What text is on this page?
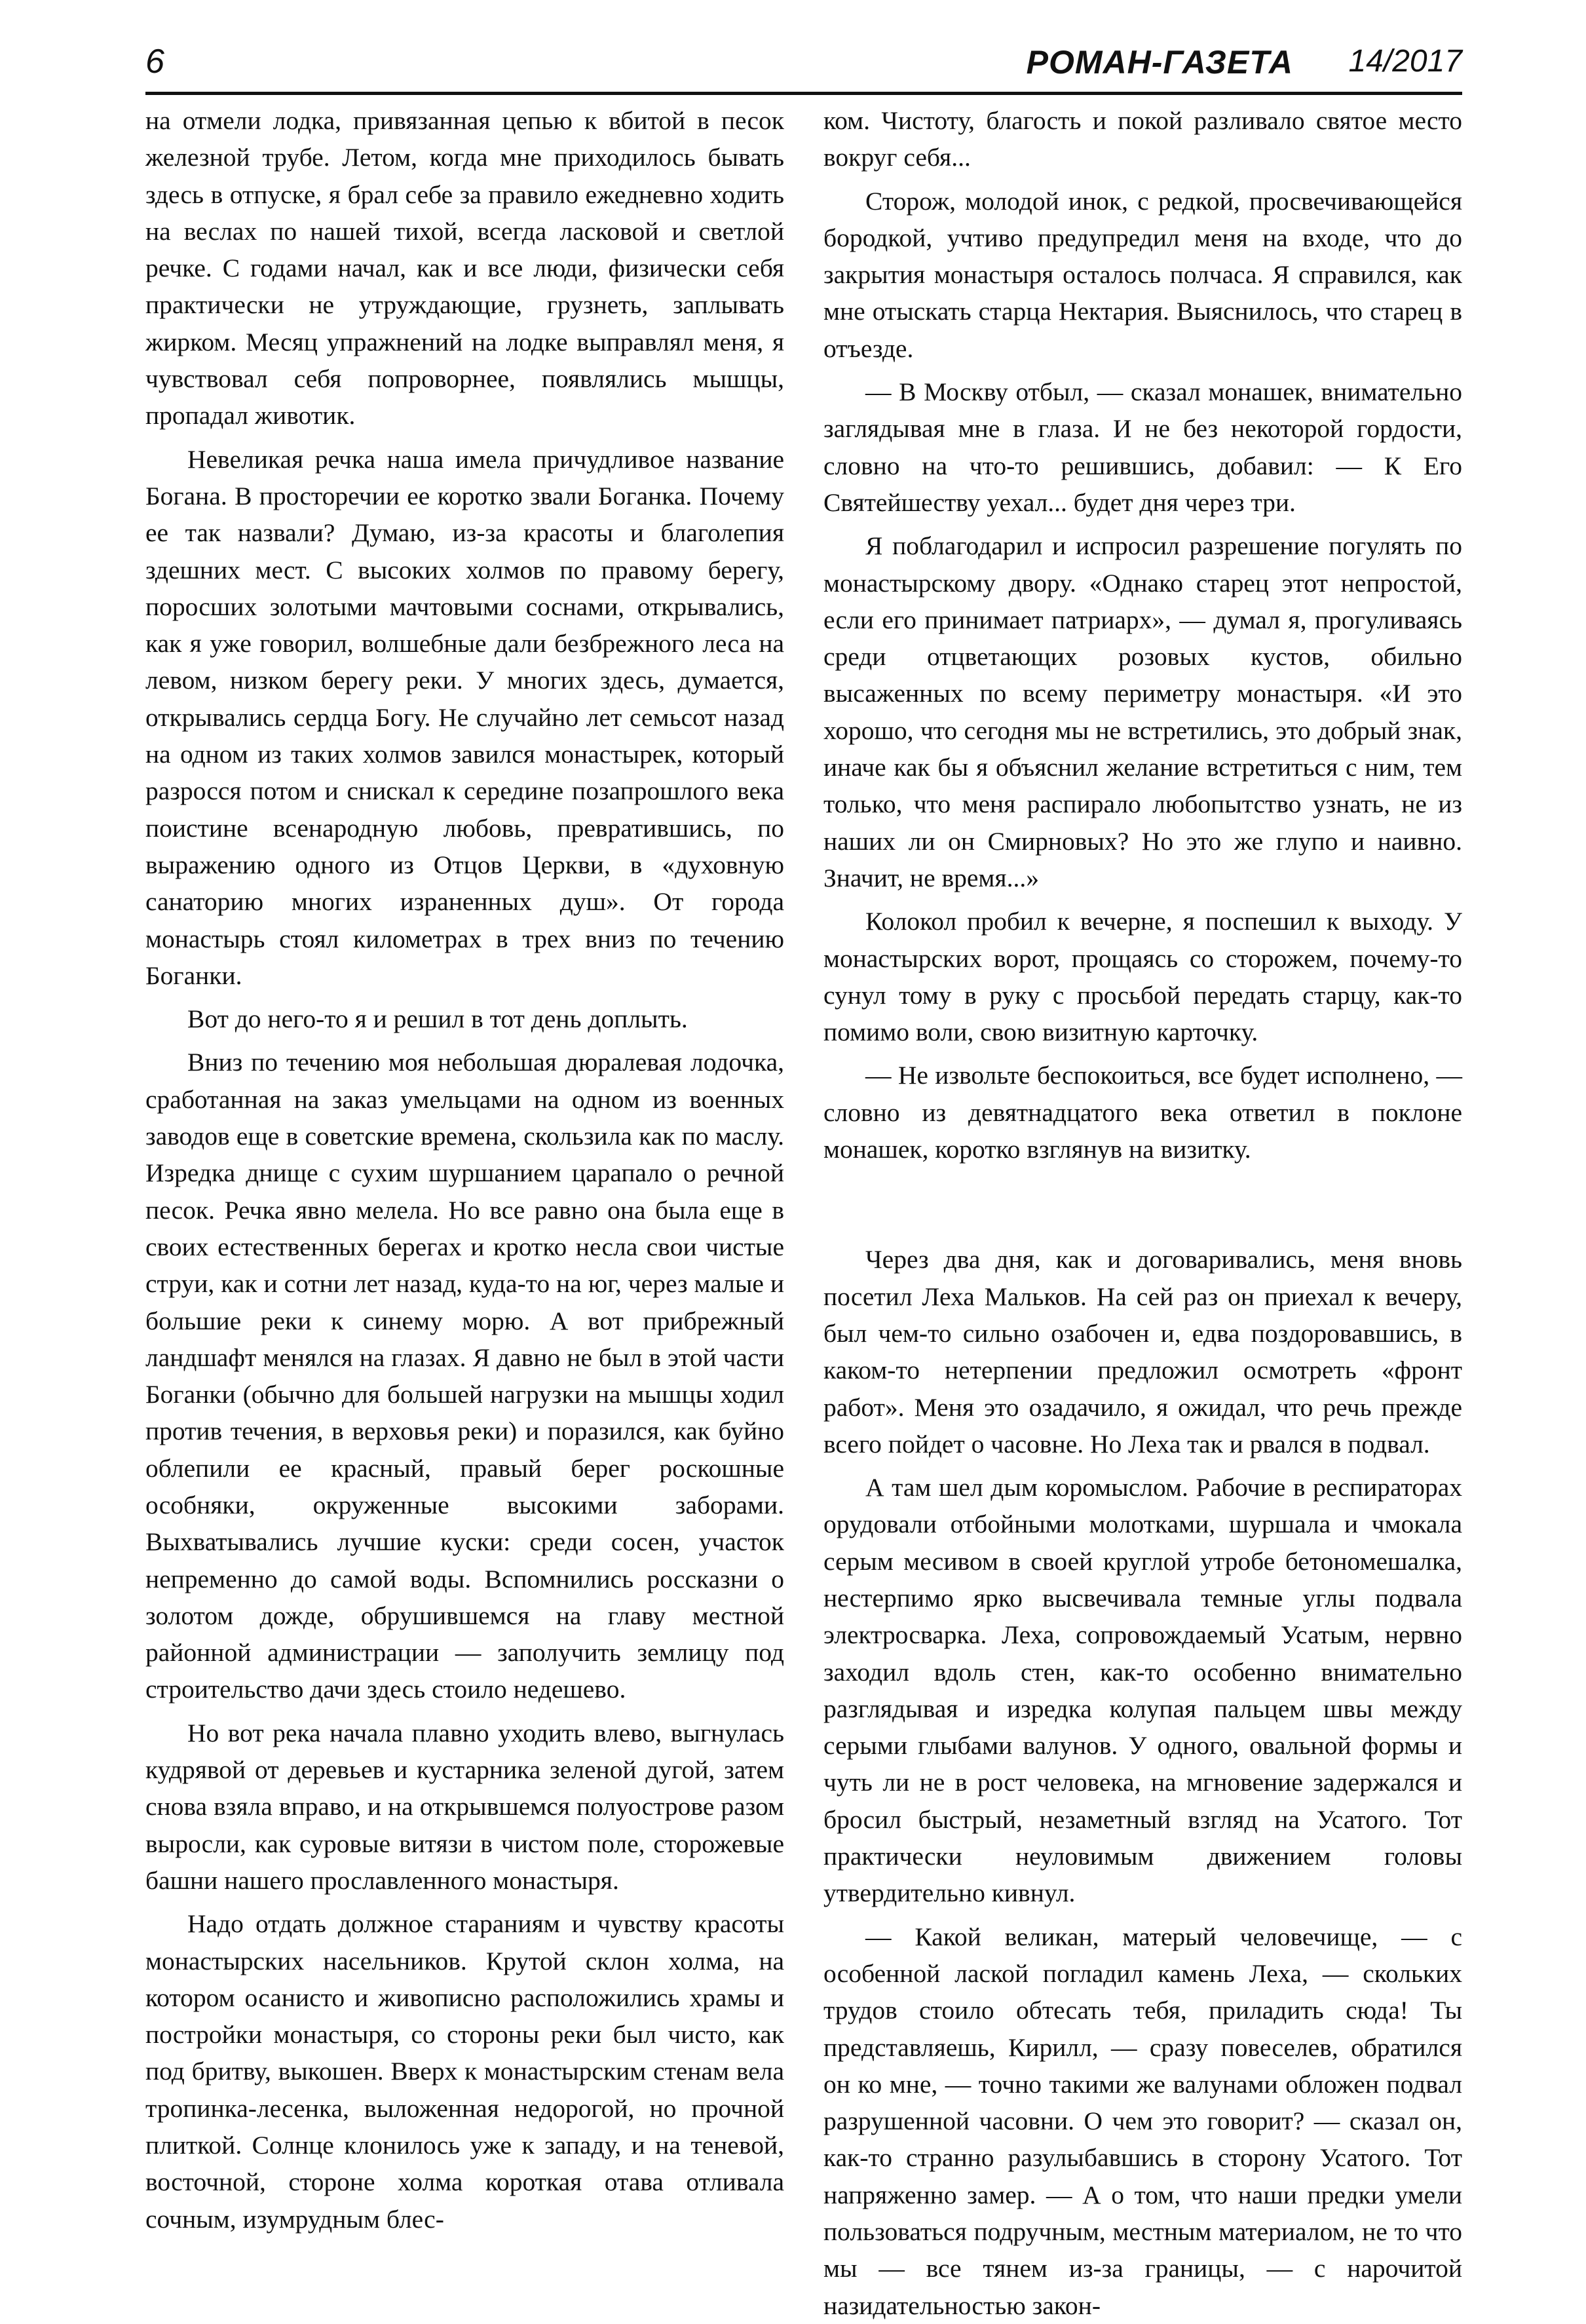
6	РОМАН-ГАЗЕТА 14/2017

на отмели лодка, привязанная цепью к вбитой в песок железной трубе. Летом, когда мне приходилось бывать здесь в отпуске, я брал себе за правило ежедневно ходить на веслах по нашей тихой, всегда ласковой и светлой речке. С годами начал, как и все люди, физически себя практически не утруждающие, грузнеть, заплывать жирком. Месяц упражнений на лодке выправлял меня, я чувствовал себя попроворнее, появлялись мышцы, пропадал животик.

Невеликая речка наша имела причудливое название Богана. В просторечии ее коротко звали Боганка. Почему ее так назвали? Думаю, из-за красоты и благолепия здешних мест. С высоких холмов по правому берегу, поросших золотыми мачтовыми соснами, открывались, как я уже говорил, волшебные дали безбрежного леса на левом, низком берегу реки. У многих здесь, думается, открывались сердца Богу. Не случайно лет семьсот назад на одном из таких холмов завился монастырек, который разросся потом и снискал к середине позапрошлого века поистине всенародную любовь, превратившись, по выражению одного из Отцов Церкви, в «духовную санаторию многих израненных душ». От города монастырь стоял километрах в трех вниз по течению Боганки.

Вот до него-то я и решил в тот день доплыть.

Вниз по течению моя небольшая дюралевая лодочка, сработанная на заказ умельцами на одном из военных заводов еще в советские времена, скользила как по маслу. Изредка днище с сухим шуршанием царапало о речной песок. Речка явно мелела. Но все равно она была еще в своих естественных берегах и кротко несла свои чистые струи, как и сотни лет назад, куда-то на юг, через малые и большие реки к синему морю. А вот прибрежный ландшафт менялся на глазах. Я давно не был в этой части Боганки (обычно для большей нагрузки на мышцы ходил против течения, в верховья реки) и поразился, как буйно облепили ее красный, правый берег роскошные особняки, окруженные высокими заборами. Выхватывались лучшие куски: среди сосен, участок непременно до самой воды. Вспомнились россказни о золотом дожде, обрушившемся на главу местной районной администрации — заполучить землицу под строительство дачи здесь стоило недешево.

Но вот река начала плавно уходить влево, выгнулась кудрявой от деревьев и кустарника зеленой дугой, затем снова взяла вправо, и на открывшемся полуострове разом выросли, как суровые витязи в чистом поле, сторожевые башни нашего прославленного монастыря.

Надо отдать должное стараниям и чувству красоты монастырских насельников. Крутой склон холма, на котором осанисто и живописно расположились храмы и постройки монастыря, со стороны реки был чисто, как под бритву, выкошен. Вверх к монастырским стенам вела тропинка-лесенка, выложенная недорогой, но прочной плиткой. Солнце клонилось уже к западу, и на теневой, восточной, стороне холма короткая отава отливала сочным, изумрудным блес-

ком. Чистоту, благость и покой разливало святое место вокруг себя...

Сторож, молодой инок, с редкой, просвечивающейся бородкой, учтиво предупредил меня на входе, что до закрытия монастыря осталось полчаса. Я справился, как мне отыскать старца Нектария. Выяснилось, что старец в отъезде.

— В Москву отбыл, — сказал монашек, внимательно заглядывая мне в глаза. И не без некоторой гордости, словно на что-то решившись, добавил: — К Его Святейшеству уехал... будет дня через три.

Я поблагодарил и испросил разрешение погулять по монастырскому двору. «Однако старец этот непростой, если его принимает патриарх», — думал я, прогуливаясь среди отцветающих розовых кустов, обильно высаженных по всему периметру монастыря. «И это хорошо, что сегодня мы не встретились, это добрый знак, иначе как бы я объяснил желание встретиться с ним, тем только, что меня распирало любопытство узнать, не из наших ли он Смирновых? Но это же глупо и наивно. Значит, не время...»

Колокол пробил к вечерне, я поспешил к выходу. У монастырских ворот, прощаясь со сторожем, почему-то сунул тому в руку с просьбой передать старцу, как-то помимо воли, свою визитную карточку.

— Не извольте беспокоиться, все будет исполнено, — словно из девятнадцатого века ответил в поклоне монашек, коротко взглянув на визитку.

Через два дня, как и договаривались, меня вновь посетил Леха Мальков. На сей раз он приехал к вечеру, был чем-то сильно озабочен и, едва поздоровавшись, в каком-то нетерпении предложил осмотреть «фронт работ». Меня это озадачило, я ожидал, что речь прежде всего пойдет о часовне. Но Леха так и рвался в подвал.

А там шел дым коромыслом. Рабочие в респираторах орудовали отбойными молотками, шуршала и чмокала серым месивом в своей круглой утробе бетономешалка, нестерпимо ярко высвечивала темные углы подвала электросварка. Леха, сопровождаемый Усатым, нервно заходил вдоль стен, как-то особенно внимательно разглядывая и изредка колупая пальцем швы между серыми глыбами валунов. У одного, овальной формы и чуть ли не в рост человека, на мгновение задержался и бросил быстрый, незаметный взгляд на Усатого. Тот практически неуловимым движением головы утвердительно кивнул.

— Какой великан, матерый человечище, — с особенной лаской погладил камень Леха, — скольких трудов стоило обтесать тебя, приладить сюда! Ты представляешь, Кирилл, — сразу повеселев, обратился он ко мне, — точно такими же валунами обложен подвал разрушенной часовни. О чем это говорит? — сказал он, как-то странно разулыбавшись в сторону Усатого. Тот напряженно замер. — А о том, что наши предки умели пользоваться подручным, местным материалом, не то что мы — все тянем из-за границы, — с нарочитой назидательностью закон-
